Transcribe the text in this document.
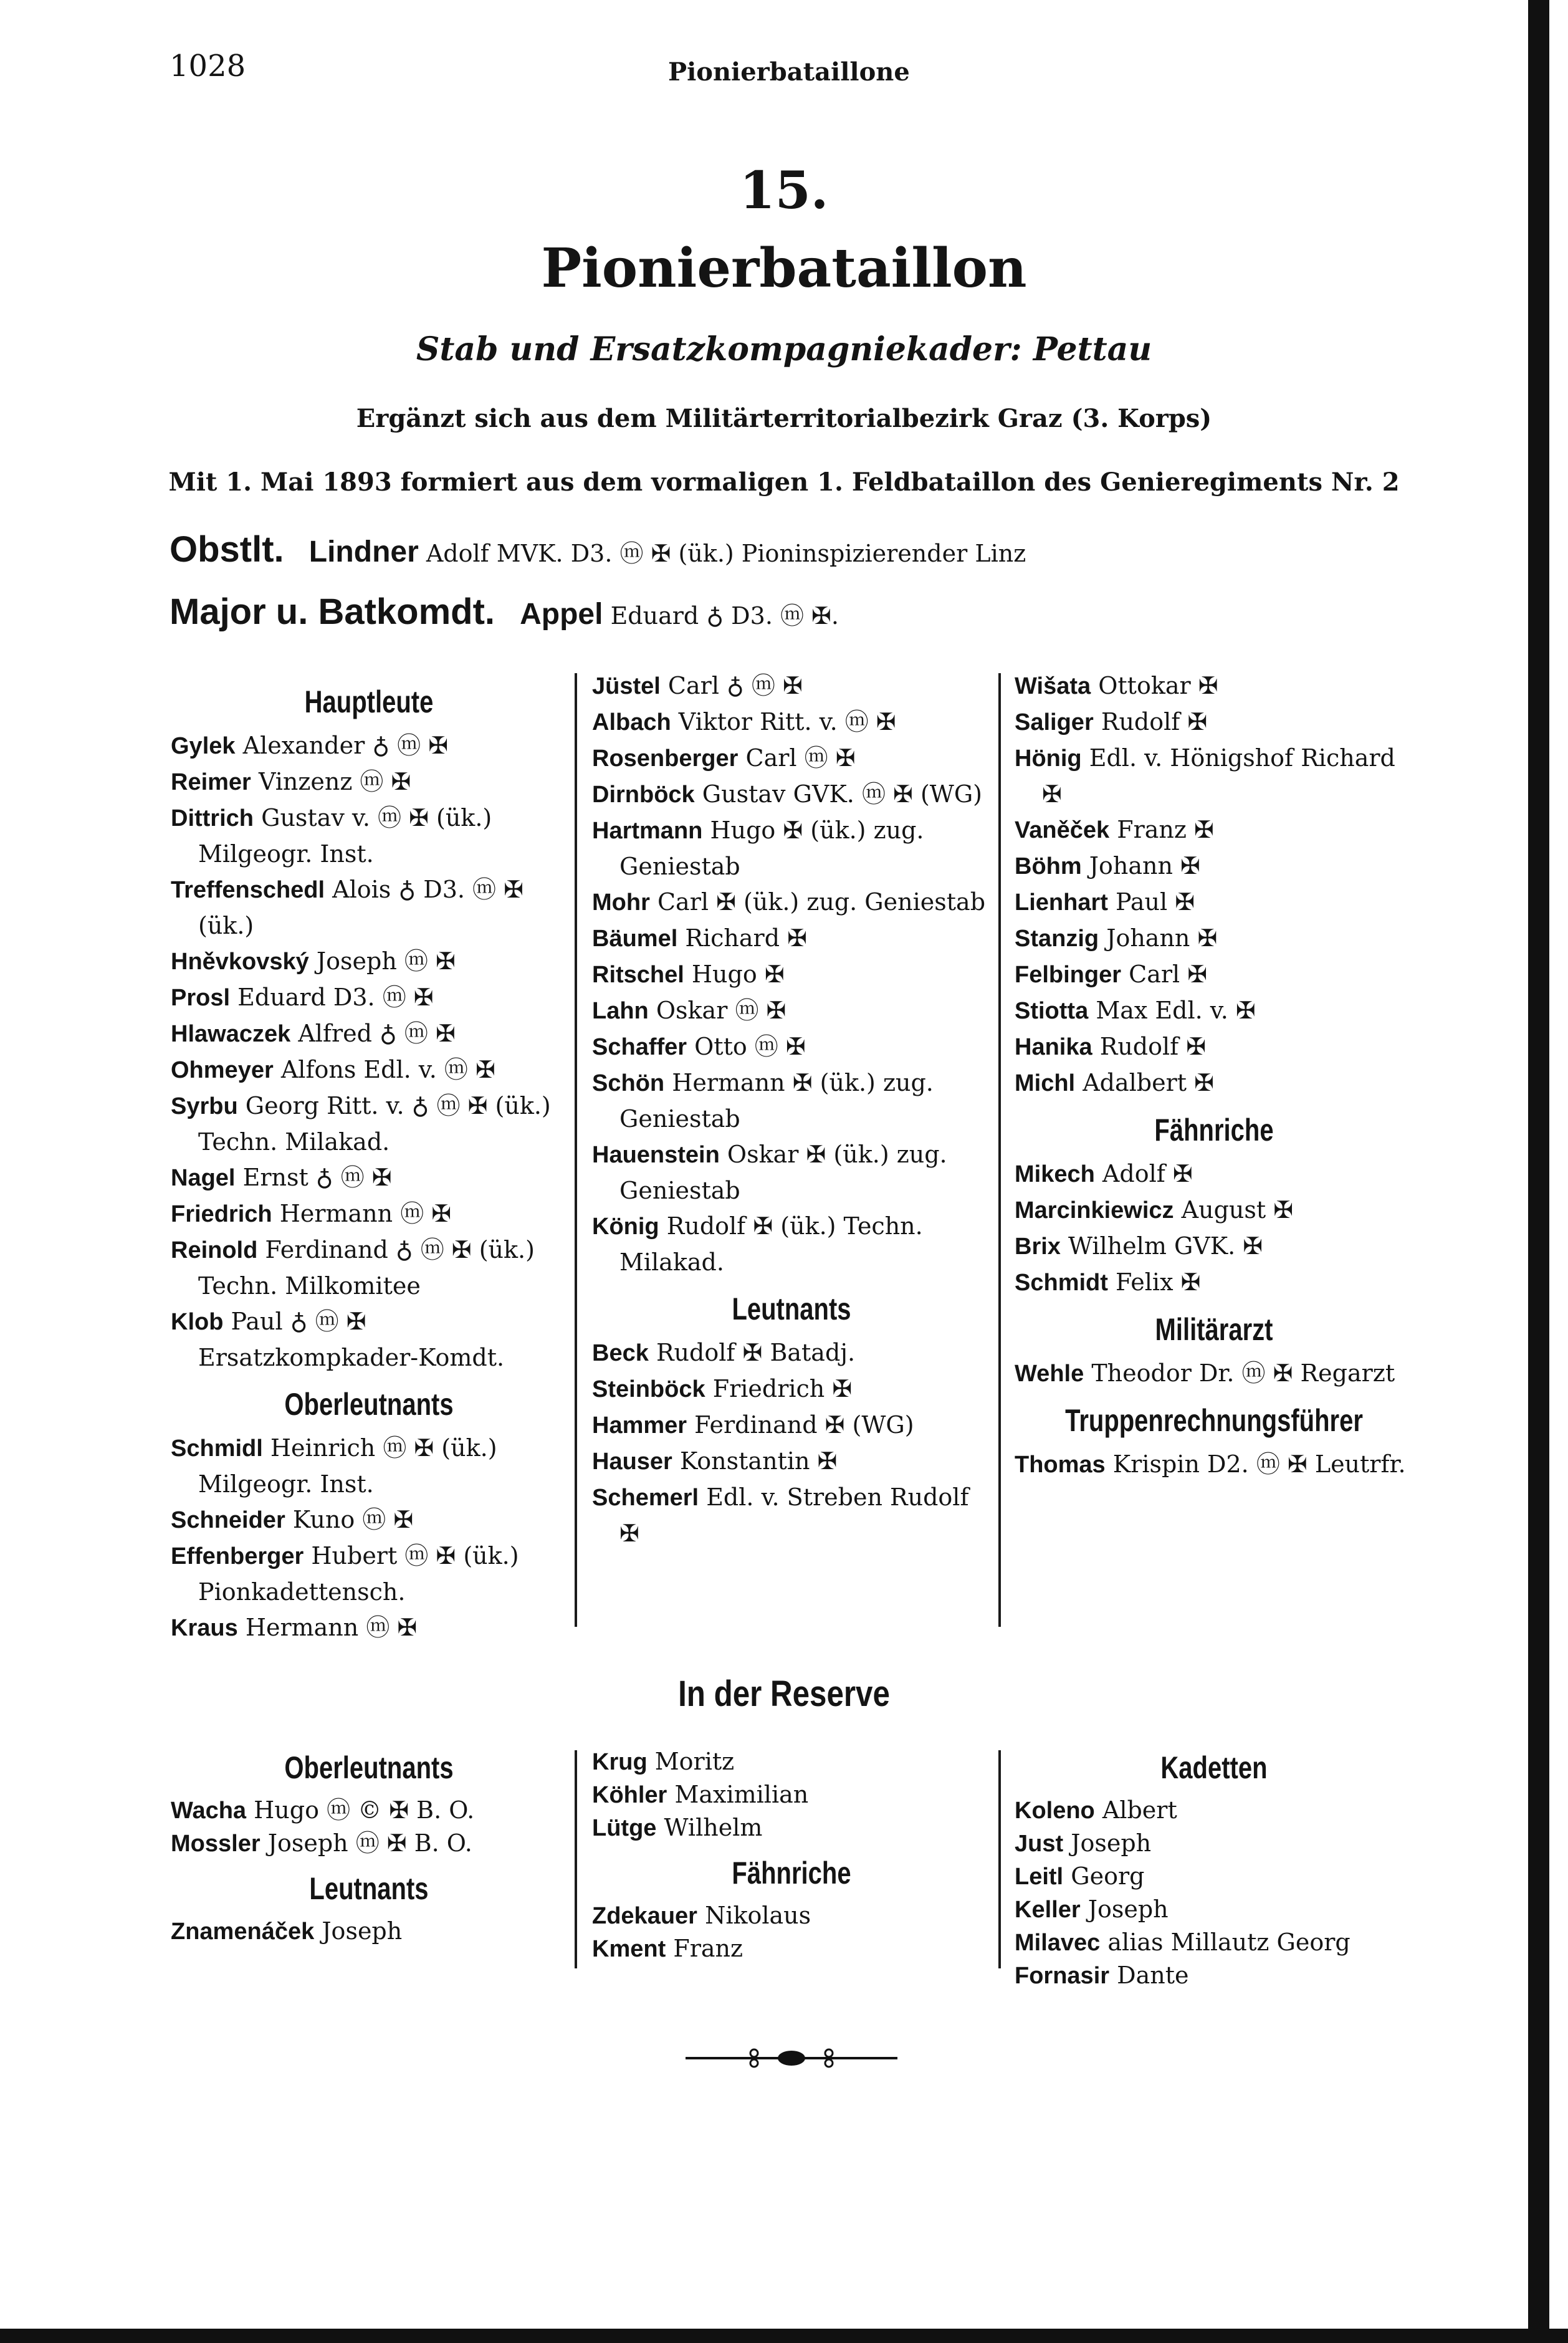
1028	Pionierbataillone
15.
Pionierbataillon
Stab und Ersatzkompagniekader: Pettau
Ergänzt sich aus dem Militärterritorialbezirk Graz (3. Korps)
Mit 1. Mai 1893 formiert aus dem vormaligen 1. Feldbataillon des Genieregiments Nr. 2
Obstlt. Lindner Adolf MVK. D3. ⓜ ✠ (ük.) Pioninspizierender Linz
Major u. Batkomdt. Appel Eduard ♁ D3. ⓜ ✠.
Hauptleute
Gylek Alexander ♁ ⓜ ✠
Reimer Vinzenz ⓜ ✠
Dittrich Gustav v. ⓜ ✠ (ük.) Milgeogr. Inst.
Treffenschedl Alois ♁ D3. ⓜ ✠ (ük.)
Hněvkovský Joseph ⓜ ✠
Prosl Eduard D3. ⓜ ✠
Hlawaczek Alfred ♁ ⓜ ✠
Ohmeyer Alfons Edl. v. ⓜ ✠
Syrbu Georg Ritt. v. ♁ ⓜ ✠ (ük.) Techn. Milakad.
Nagel Ernst ♁ ⓜ ✠
Friedrich Hermann ⓜ ✠
Reinold Ferdinand ♁ ⓜ ✠ (ük.) Techn. Milkomitee
Klob Paul ♁ ⓜ ✠ Ersatzkompkader-Komdt.
Oberleutnants
Schmidl Heinrich ⓜ ✠ (ük.) Milgeogr. Inst.
Schneider Kuno ⓜ ✠
Effenberger Hubert ⓜ ✠ (ük.) Pionkadettensch.
Kraus Hermann ⓜ ✠
Jüstel Carl ♁ ⓜ ✠
Albach Viktor Ritt. v. ⓜ ✠
Rosenberger Carl ⓜ ✠
Dirnböck Gustav GVK. ⓜ ✠ (WG)
Hartmann Hugo ✠ (ük.) zug. Geniestab
Mohr Carl ✠ (ük.) zug. Geniestab
Bäumel Richard ✠
Ritschel Hugo ✠
Lahn Oskar ⓜ ✠
Schaffer Otto ⓜ ✠
Schön Hermann ✠ (ük.) zug. Geniestab
Hauenstein Oskar ✠ (ük.) zug. Geniestab
König Rudolf ✠ (ük.) Techn. Milakad.
Leutnants
Beck Rudolf ✠ Batadj.
Steinböck Friedrich ✠
Hammer Ferdinand ✠ (WG)
Hauser Konstantin ✠
Schemerl Edl. v. Streben Rudolf ✠
Wišata Ottokar ✠
Saliger Rudolf ✠
Hönig Edl. v. Hönigshof Richard ✠
Vaněček Franz ✠
Böhm Johann ✠
Lienhart Paul ✠
Stanzig Johann ✠
Felbinger Carl ✠
Stiotta Max Edl. v. ✠
Hanika Rudolf ✠
Michl Adalbert ✠
Fähnriche
Mikech Adolf ✠
Marcinkiewicz August ✠
Brix Wilhelm GVK. ✠
Schmidt Felix ✠
Militärarzt
Wehle Theodor Dr. ⓜ ✠ Regarzt
Truppenrechnungsführer
Thomas Krispin D2. ⓜ ✠ Leutrfr.
In der Reserve
Oberleutnants
Wacha Hugo ⓜ © ✠ B. O.
Mossler Joseph ⓜ ✠ B. O.
Leutnants
Znamenáček Joseph
Krug Moritz
Köhler Maximilian
Lütge Wilhelm
Fähnriche
Zdekauer Nikolaus
Kment Franz
Kadetten
Koleno Albert
Just Joseph
Leitl Georg
Keller Joseph
Milavec alias Millautz Georg
Fornasir Dante
